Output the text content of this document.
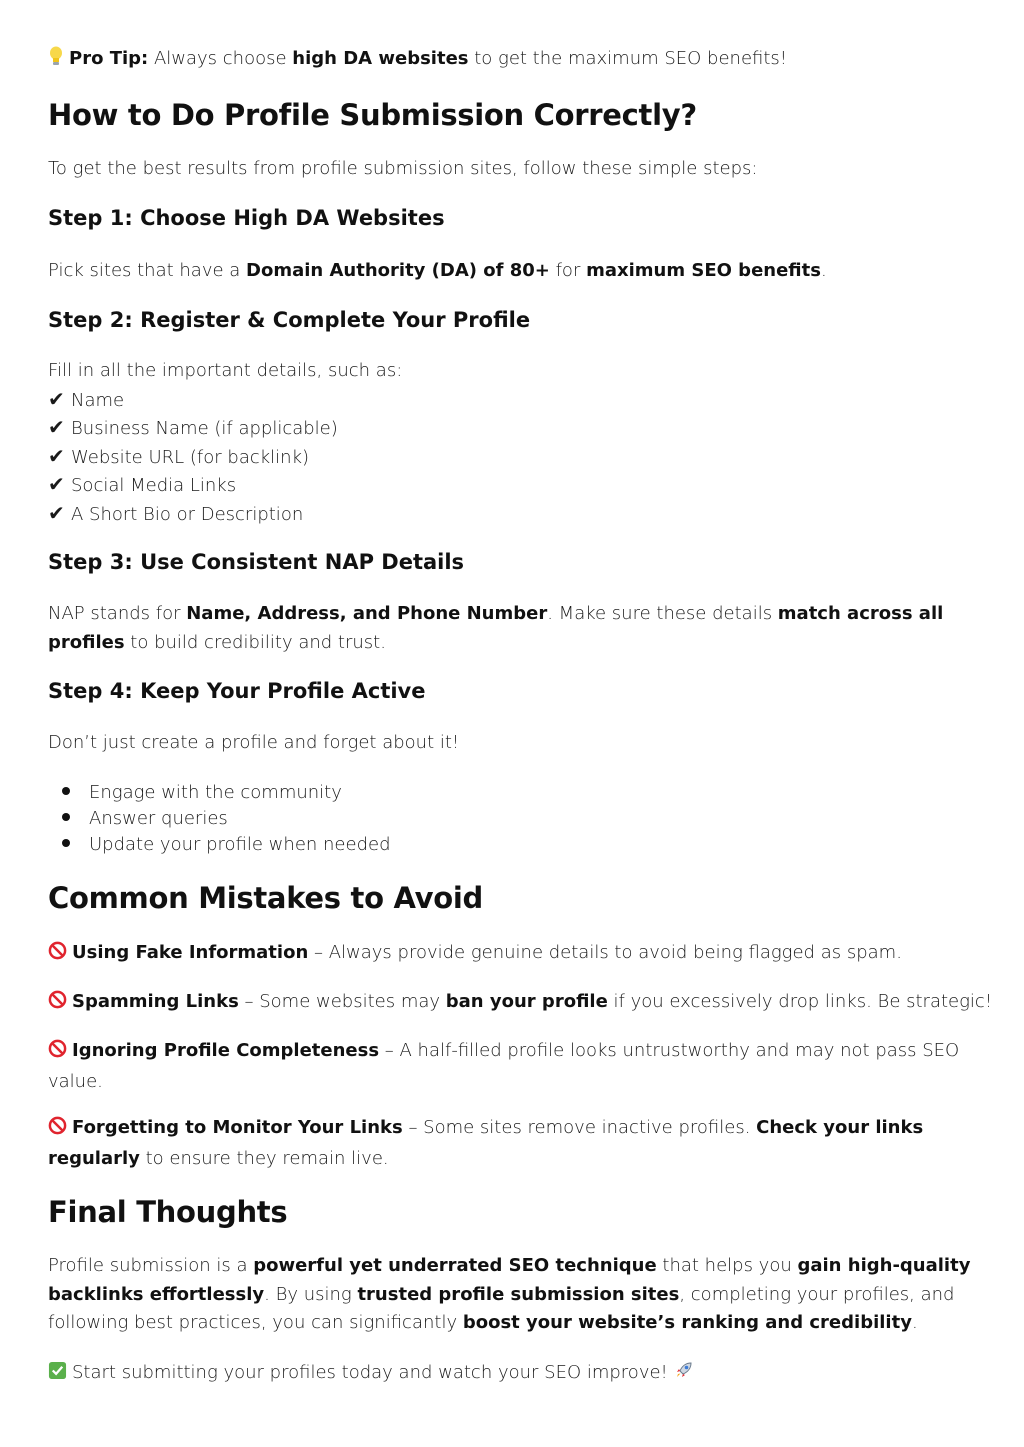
Pro Tip: Always choose high DA websites to get the maximum SEO benefits!
How to Do Profile Submission Correctly?
To get the best results from profile submission sites, follow these simple steps:
Step 1: Choose High DA Websites
Pick sites that have a Domain Authority (DA) of 80+ for maximum SEO benefits.
Step 2: Register & Complete Your Profile
Fill in all the important details, such as:
✔ Name
✔ Business Name (if applicable)
✔ Website URL (for backlink)
✔ Social Media Links
✔ A Short Bio or Description
Step 3: Use Consistent NAP Details
NAP stands for Name, Address, and Phone Number. Make sure these details match across all profiles to build credibility and trust.
Step 4: Keep Your Profile Active
Don’t just create a profile and forget about it!
Engage with the community
Answer queries
Update your profile when needed
Common Mistakes to Avoid
Using Fake Information – Always provide genuine details to avoid being flagged as spam.
Spamming Links – Some websites may ban your profile if you excessively drop links. Be strategic!
Ignoring Profile Completeness – A half-filled profile looks untrustworthy and may not pass SEO value.
Forgetting to Monitor Your Links – Some sites remove inactive profiles. Check your links regularly to ensure they remain live.
Final Thoughts
Profile submission is a powerful yet underrated SEO technique that helps you gain high-quality backlinks effortlessly. By using trusted profile submission sites, completing your profiles, and following best practices, you can significantly boost your website’s ranking and credibility.
Start submitting your profiles today and watch your SEO improve!
